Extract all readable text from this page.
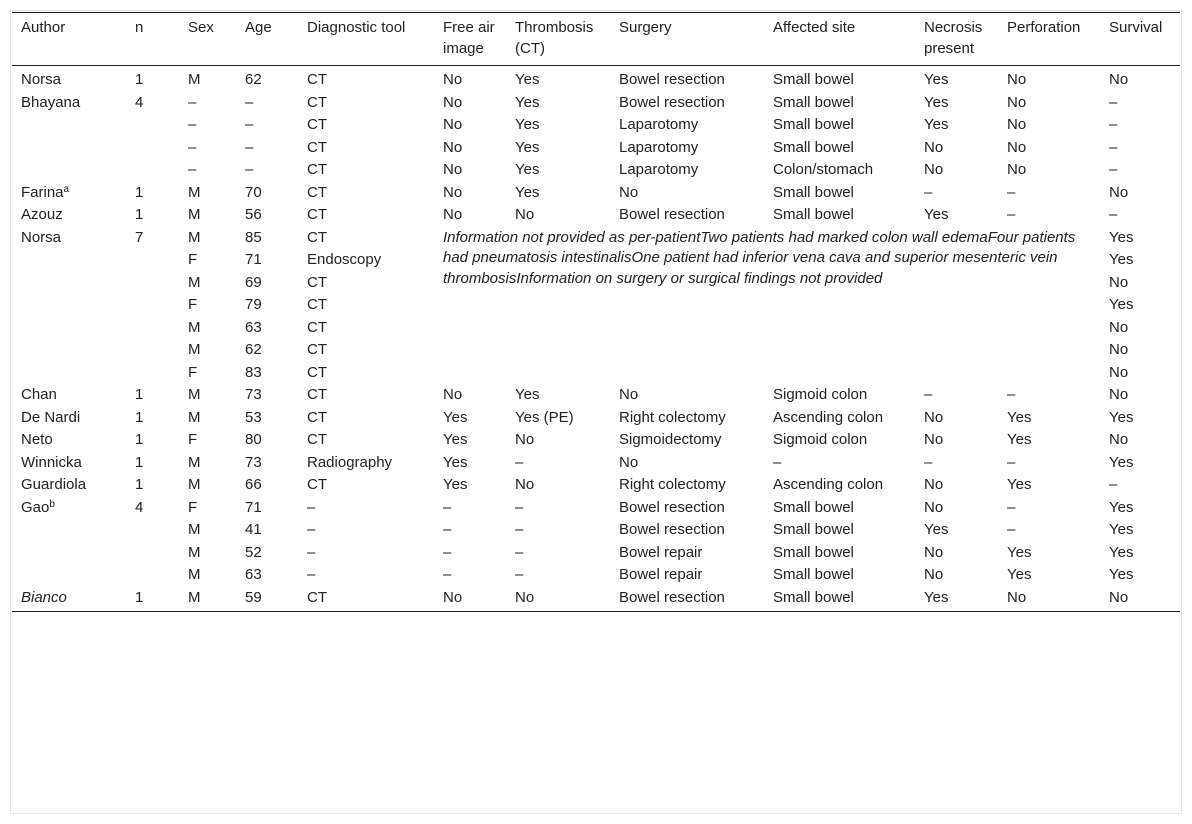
Author	n	Sex	Age	Diagnostic tool	Free air image	Thrombosis (CT)	Surgery	Affected site	Necrosis present	Perforation	Survival
Norsa	1	M	62	CT	No	Yes	Bowel resection	Small bowel	Yes	No	No
Bhayana	4	–	–	CT	No	Yes	Bowel resection	Small bowel	Yes	No	–
		–	–	CT	No	Yes	Laparotomy	Small bowel	Yes	No	–
		–	–	CT	No	Yes	Laparotomy	Small bowel	No	No	–
		–	–	CT	No	Yes	Laparotomy	Colon/stomach	No	No	–
Farina$^a$	1	M	70	CT	No	Yes	No	Small bowel	–	–	No
Azouz	1	M	56	CT	No	No	Bowel resection	Small bowel	Yes	–	–
Norsa	7	M	85	CT	Information not provided as per-patientTwo patients had marked colon wall edemaFour patients had pneumatosis intestinalisOne patient had inferior vena cava and superior mesenteric vein thrombosisInformation on surgery or surgical findings not provided						Yes
		F	71	Endoscopy							Yes
		M	69	CT							No
		F	79	CT							Yes
		M	63	CT							No
		M	62	CT							No
		F	83	CT							No
Chan	1	M	73	CT	No	Yes	No	Sigmoid colon	–	–	No
De Nardi	1	M	53	CT	Yes	Yes (PE)	Right colectomy	Ascending colon	No	Yes	Yes
Neto	1	F	80	CT	Yes	No	Sigmoidectomy	Sigmoid colon	No	Yes	No
Winnicka	1	M	73	Radiography	Yes	–	No	–	–	–	Yes
Guardiola	1	M	66	CT	Yes	No	Right colectomy	Ascending colon	No	Yes	–
Gao$^b$	4	F	71	–	–	–	Bowel resection	Small bowel	No	–	Yes
		M	41	–	–	–	Bowel resection	Small bowel	Yes	–	Yes
		M	52	–	–	–	Bowel repair	Small bowel	No	Yes	Yes
		M	63	–	–	–	Bowel repair	Small bowel	No	Yes	Yes
Bianco	1	M	59	CT	No	No	Bowel resection	Small bowel	Yes	No	No
